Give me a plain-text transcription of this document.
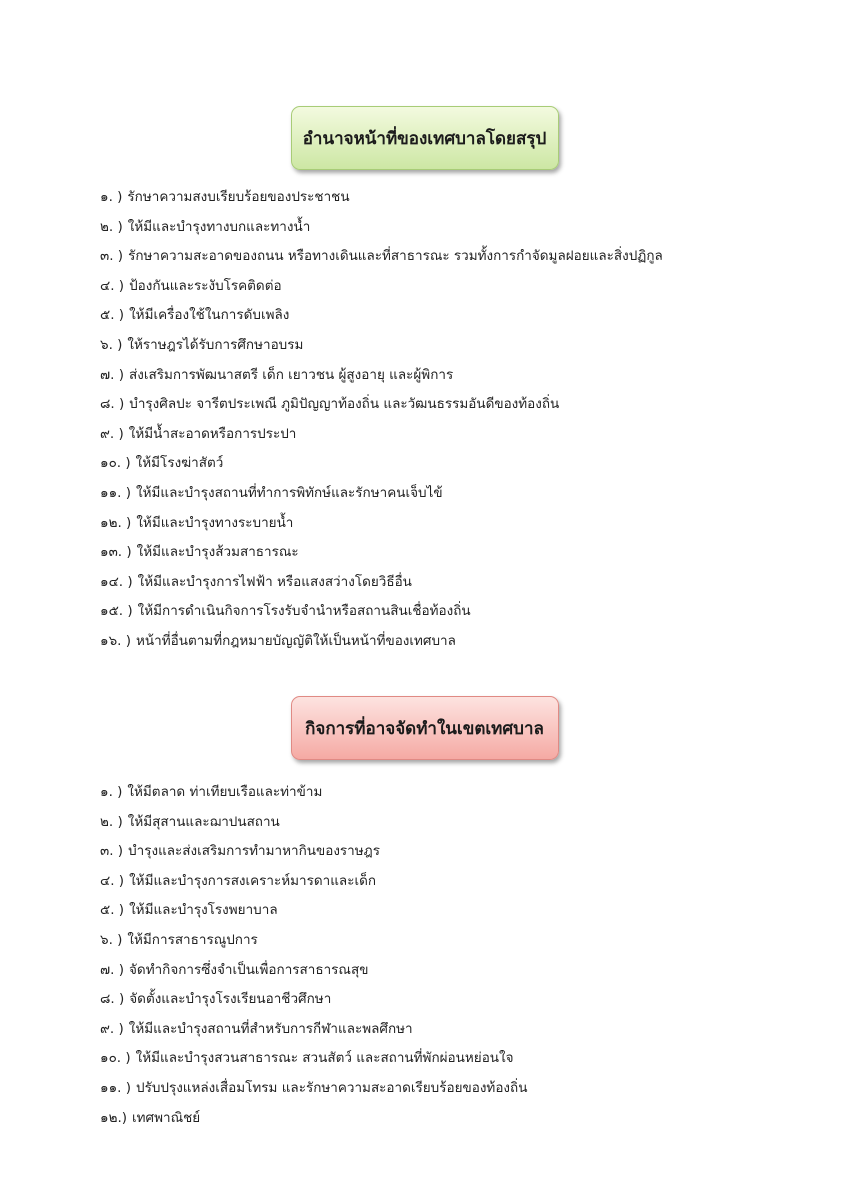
อำนาจหน้าที่ของเทศบาลโดยสรุป
๑. ) รักษาความสงบเรียบร้อยของประชาชน
๒. ) ให้มีและบำรุงทางบกและทางน้ำ
๓. ) รักษาความสะอาดของถนน หรือทางเดินและที่สาธารณะ รวมทั้งการกำจัดมูลฝอยและสิ่งปฏิกูล
๔. ) ป้องกันและระงับโรคติดต่อ
๕. ) ให้มีเครื่องใช้ในการดับเพลิง
๖. ) ให้ราษฎรได้รับการศึกษาอบรม
๗. ) ส่งเสริมการพัฒนาสตรี เด็ก เยาวชน ผู้สูงอายุ และผู้พิการ
๘. ) บำรุงศิลปะ จารีตประเพณี ภูมิปัญญาท้องถิ่น และวัฒนธรรมอันดีของท้องถิ่น
๙. ) ให้มีน้ำสะอาดหรือการประปา
๑๐. ) ให้มีโรงฆ่าสัตว์
๑๑. ) ให้มีและบำรุงสถานที่ทำการพิทักษ์และรักษาคนเจ็บไข้
๑๒. ) ให้มีและบำรุงทางระบายน้ำ
๑๓. ) ให้มีและบำรุงส้วมสาธารณะ
๑๔. ) ให้มีและบำรุงการไฟฟ้า หรือแสงสว่างโดยวิธีอื่น
๑๕. ) ให้มีการดำเนินกิจการโรงรับจำนำหรือสถานสินเชื่อท้องถิ่น
๑๖. ) หน้าที่อื่นตามที่กฎหมายบัญญัติให้เป็นหน้าที่ของเทศบาล
กิจการที่อาจจัดทำในเขตเทศบาล
๑. ) ให้มีตลาด ท่าเทียบเรือและท่าข้าม
๒. ) ให้มีสุสานและฌาปนสถาน
๓. ) บำรุงและส่งเสริมการทำมาหากินของราษฎร
๔. ) ให้มีและบำรุงการสงเคราะห์มารดาและเด็ก
๕. ) ให้มีและบำรุงโรงพยาบาล
๖. ) ให้มีการสาธารณูปการ
๗. ) จัดทำกิจการซึ่งจำเป็นเพื่อการสาธารณสุข
๘. ) จัดตั้งและบำรุงโรงเรียนอาชีวศึกษา
๙. ) ให้มีและบำรุงสถานที่สำหรับการกีฬาและพลศึกษา
๑๐. ) ให้มีและบำรุงสวนสาธารณะ สวนสัตว์ และสถานที่พักผ่อนหย่อนใจ
๑๑. ) ปรับปรุงแหล่งเสื่อมโทรม และรักษาความสะอาดเรียบร้อยของท้องถิ่น
๑๒.) เทศพาณิชย์
